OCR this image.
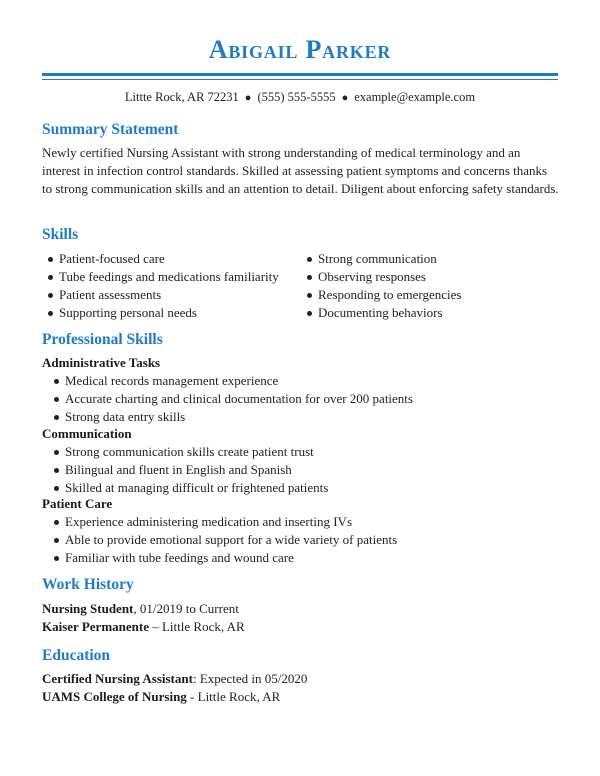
Abigail Parker
Littte Rock, AR 72231 ● (555) 555-5555 ● example@example.com
Summary Statement
Newly certified Nursing Assistant with strong understanding of medical terminology and an interest in infection control standards. Skilled at assessing patient symptoms and concerns thanks to strong communication skills and an attention to detail. Diligent about enforcing safety standards.
Skills
Patient-focused care
Tube feedings and medications familiarity
Patient assessments
Supporting personal needs
Strong communication
Observing responses
Responding to emergencies
Documenting behaviors
Professional Skills
Administrative Tasks
Medical records management experience
Accurate charting and clinical documentation for over 200 patients
Strong data entry skills
Communication
Strong communication skills create patient trust
Bilingual and fluent in English and Spanish
Skilled at managing difficult or frightened patients
Patient Care
Experience administering medication and inserting IVs
Able to provide emotional support for a wide variety of patients
Familiar with tube feedings and wound care
Work History
Nursing Student, 01/2019 to Current
Kaiser Permanente – Little Rock, AR
Education
Certified Nursing Assistant: Expected in 05/2020
UAMS College of Nursing - Little Rock, AR
